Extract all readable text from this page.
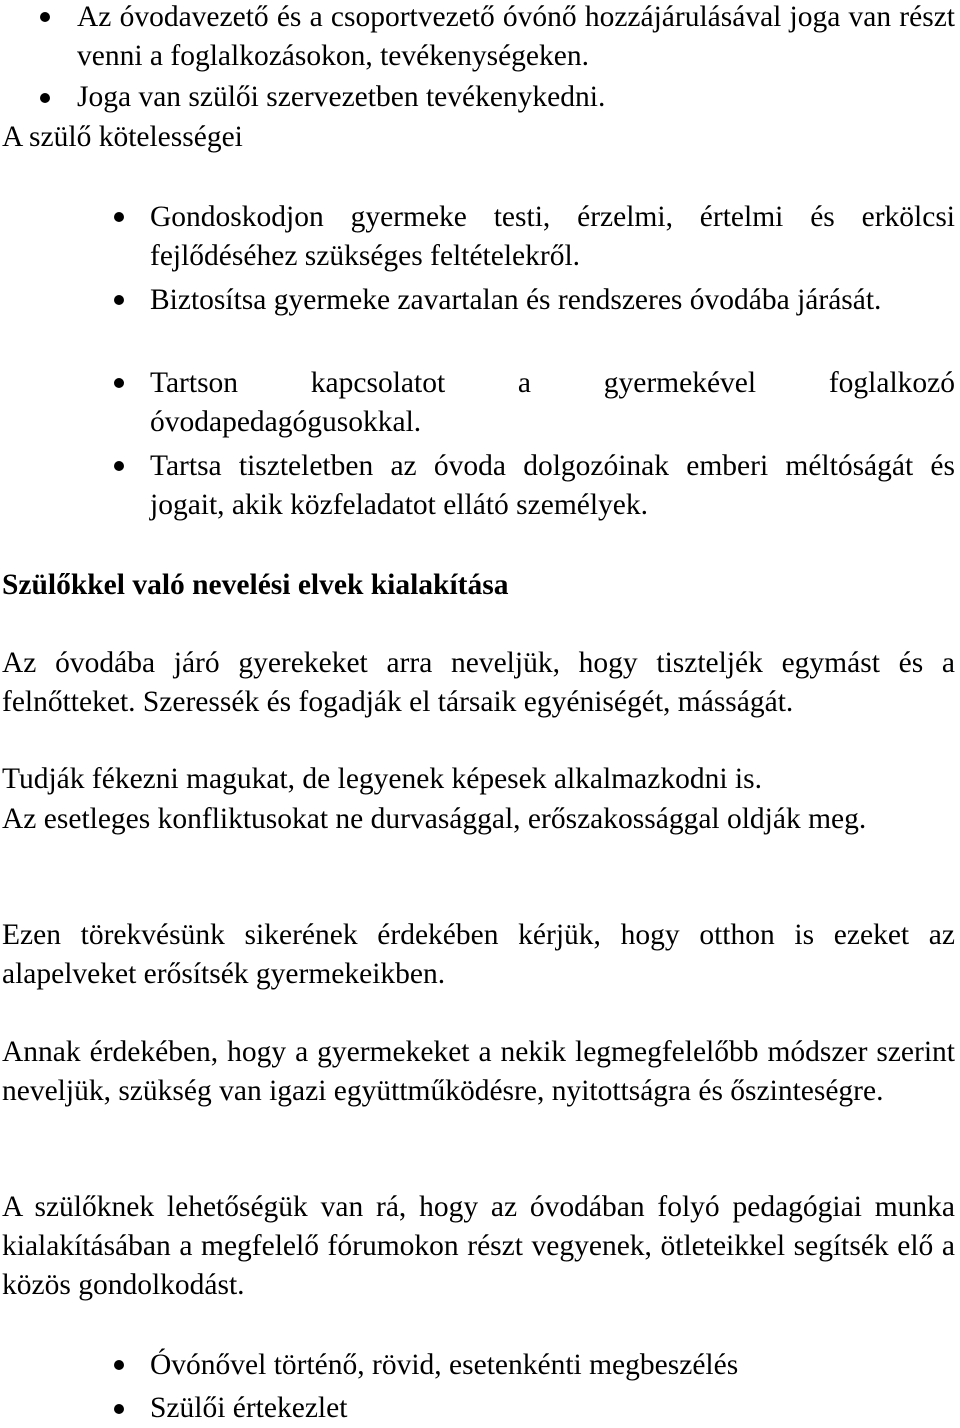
Az óvodavezető és a csoportvezető óvónő hozzájárulásával joga van részt venni a foglalkozásokon, tevékenységeken.
Joga van szülői szervezetben tevékenykedni.
A szülő kötelességei
Gondoskodjon gyermeke testi, érzelmi, értelmi és erkölcsi fejlődéséhez szükséges feltételekről.
Biztosítsa gyermeke zavartalan és rendszeres óvodába járását.
Tartson kapcsolatot a gyermekével foglalkozó óvodapedagógusokkal.
Tartsa tiszteletben az óvoda dolgozóinak emberi méltóságát és jogait, akik közfeladatot ellátó személyek.
Szülőkkel való nevelési elvek kialakítása
Az óvodába járó gyerekeket arra neveljük, hogy tiszteljék egymást és a felnőtteket. Szeressék és fogadják el társaik egyéniségét, másságát.
Tudják fékezni magukat, de legyenek képesek alkalmazkodni is.
Az esetleges konfliktusokat ne durvasággal, erőszakossággal oldják meg.
Ezen törekvésünk sikerének érdekében kérjük, hogy otthon is ezeket az alapelveket erősítsék gyermekeikben.
Annak érdekében, hogy a gyermekeket a nekik legmegfelelőbb módszer szerint neveljük, szükség van igazi együttműködésre, nyitottságra és őszinteségre.
A szülőknek lehetőségük van rá, hogy az óvodában folyó pedagógiai munka kialakításában a megfelelő fórumokon részt vegyenek, ötleteikkel segítsék elő a közös gondolkodást.
Óvónővel történő, rövid, esetenkénti megbeszélés
Szülői értekezlet
